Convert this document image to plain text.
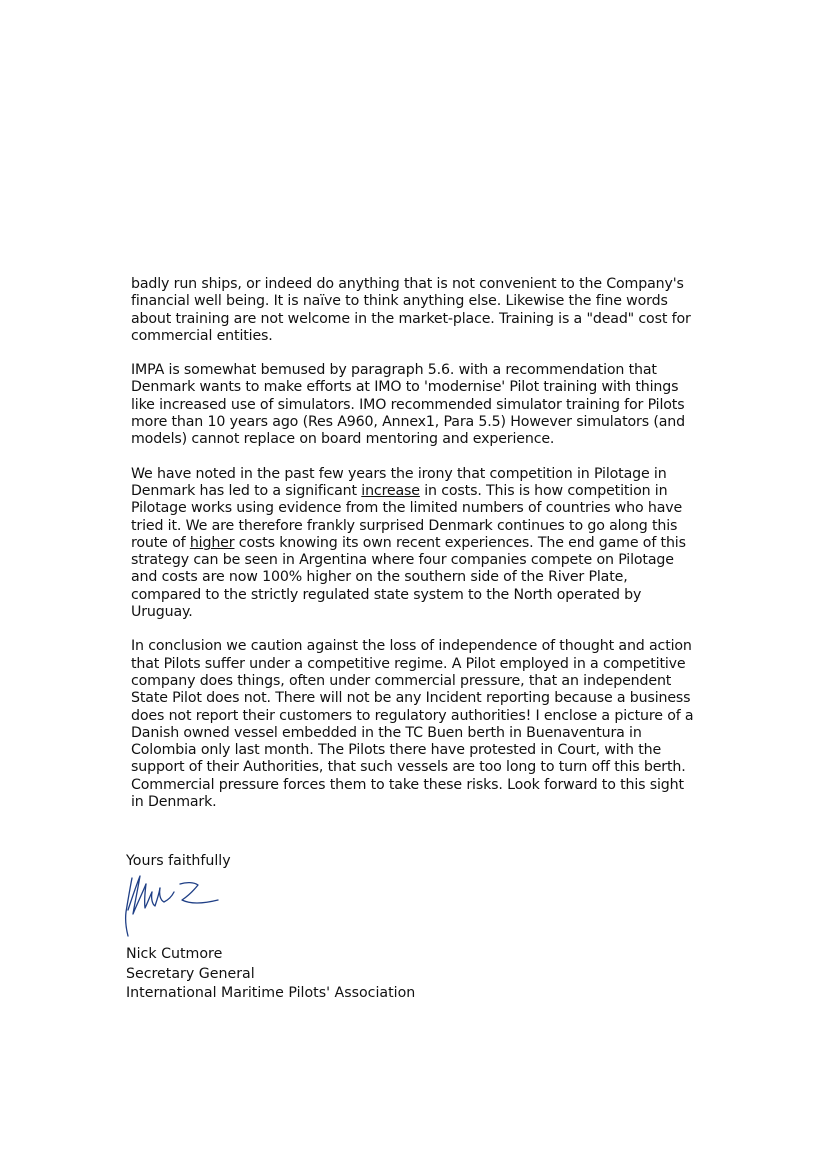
badly run ships, or indeed do anything that is not convenient to the Company's financial well being. It is naïve to think anything else. Likewise the fine words about training are not welcome in the market-place. Training is a "dead" cost for commercial entities.

IMPA is somewhat bemused by paragraph 5.6. with a recommendation that Denmark wants to make efforts at IMO to 'modernise' Pilot training with things like increased use of simulators. IMO recommended simulator training for Pilots more than 10 years ago (Res A960, Annex1, Para 5.5) However simulators (and models) cannot replace on board mentoring and experience.

We have noted in the past few years the irony that competition in Pilotage in Denmark has led to a significant increase in costs. This is how competition in Pilotage works using evidence from the limited numbers of countries who have tried it. We are therefore frankly surprised Denmark continues to go along this route of higher costs knowing its own recent experiences. The end game of this strategy can be seen in Argentina where four companies compete on Pilotage and costs are now 100% higher on the southern side of the River Plate, compared to the strictly regulated state system to the North operated by Uruguay.

In conclusion we caution against the loss of independence of thought and action that Pilots suffer under a competitive regime. A Pilot employed in a competitive company does things, often under commercial pressure, that an independent State Pilot does not. There will not be any Incident reporting because a business does not report their customers to regulatory authorities! I enclose a picture of a Danish owned vessel embedded in the TC Buen berth in Buenaventura in Colombia only last month. The Pilots there have protested in Court, with the support of their Authorities, that such vessels are too long to turn off this berth. Commercial pressure forces them to take these risks. Look forward to this sight in Denmark.

Yours faithfully
Nick Cutmore
Secretary General
International Maritime Pilots' Association
